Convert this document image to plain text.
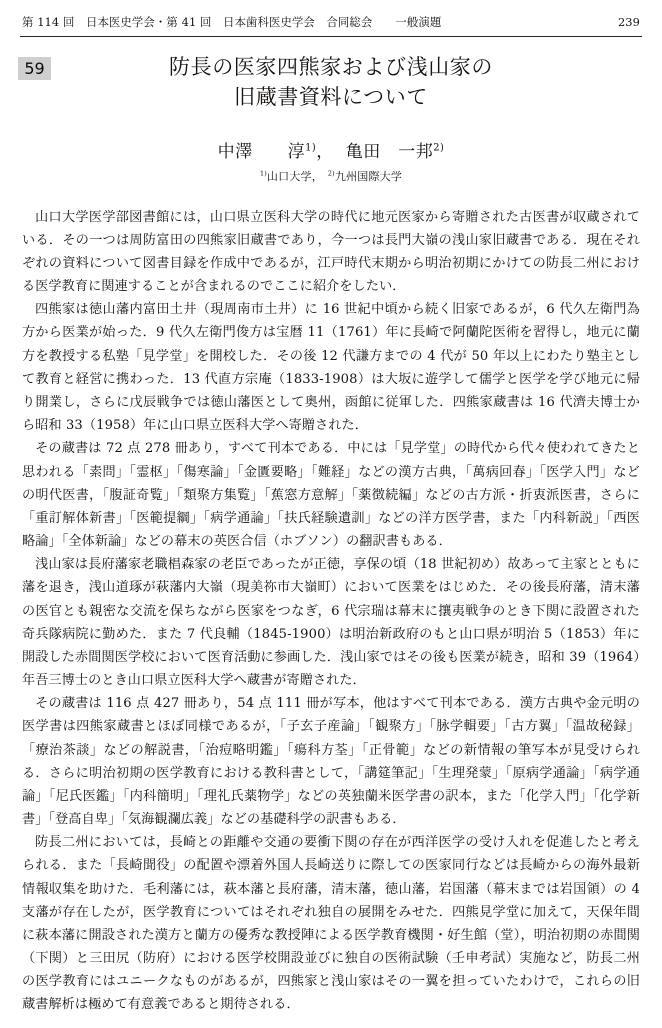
第 114 回　日本医史学会・第 41 回　日本歯科医史学会　合同総会　　一般演題	239
59	防長の医家四熊家および浅山家の
旧蔵書資料について
中澤　　淳$^{1)}$， 亀田　一邦$^{2)}$
$^{1)}$山口大学， $^{2)}$九州国際大学

山口大学医学部図書館には，山口県立医科大学の時代に地元医家から寄贈された古医書が収蔵されている．その一つは周防富田の四熊家旧蔵書であり，今一つは長門大嶺の浅山家旧蔵書である．現在それぞれの資料について図書目録を作成中であるが，江戸時代末期から明治初期にかけての防長二州における医学教育に関連することが含まれるのでここに紹介をしたい．

四熊家は徳山藩内富田土井（現周南市土井）に 16 世紀中頃から続く旧家であるが，6 代久左衛門為方から医業が始った．9 代久左衛門俊方は宝暦 11（1761）年に長崎で阿蘭陀医術を習得し，地元に蘭方を教授する私塾「見学堂」を開校した．その後 12 代謙方までの 4 代が 50 年以上にわたり塾主として教育と経営に携わった．13 代直方宗庵（1833-1908）は大坂に遊学して儒学と医学を学び地元に帰り開業し，さらに戊辰戦争では徳山藩医として奥州，函館に従軍した．四熊家蔵書は 16 代濟夫博士から昭和 33（1958）年に山口県立医科大学へ寄贈された．

その蔵書は 72 点 278 冊あり，すべて刊本である．中には「見学堂」の時代から代々使われてきたと思われる「素問」「霊枢」「傷寒論」「金匱要略」「難経」などの漢方古典，「萬病回春」「医学入門」などの明代医書，「腹証奇覧」「類聚方集覧」「蕉窓方意解」「薬徴続編」などの古方派・折衷派医書，さらに「重訂解体新書」「医範提綱」「病学通論」「扶氏経験遺訓」などの洋方医学書，また「内科新説」「西医略論」「全体新論」などの幕末の英医合信（ホブソン）の翻訳書もある．

浅山家は長府藩家老職椙森家の老臣であったが正徳，享保の頃（18 世紀初め）故あって主家とともに藩を退き，浅山道琢が萩藩内大嶺（現美祢市大嶺町）において医業をはじめた．その後長府藩，清末藩の医官とも親密な交流を保ちながら医家をつなぎ，6 代宗瑞は幕末に攘夷戦争のとき下関に設置された奇兵隊病院に勤めた．また 7 代良輔（1845-1900）は明治新政府のもと山口県が明治 5（1853）年に開設した赤間関医学校において医育活動に参画した．浅山家ではその後も医業が続き，昭和 39（1964）年吾三博士のとき山口県立医科大学へ蔵書が寄贈された．

その蔵書は 116 点 427 冊あり，54 点 111 冊が写本，他はすべて刊本である．漢方古典や金元明の医学書は四熊家蔵書とほぼ同様であるが，「子玄子産論」「観聚方」「脉学輯要」「古方翼」「温故秘録」「療治茶談」などの解説書，「治痘略明鑑」「瘍科方荃」「正骨範」などの新情報の筆写本が見受けられる．さらに明治初期の医学教育における教科書として，「講筵筆記」「生理発蒙」「原病学通論」「病学通論」「尼氏医鑑」「内科簡明」「理礼氏薬物学」などの英独蘭米医学書の訳本，また「化学入門」「化学新書」「登高自卑」「気海観瀾広義」などの基礎科学の訳書もある．

防長二州においては，長崎との距離や交通の要衝下関の存在が西洋医学の受け入れを促進したと考えられる．また「長崎聞役」の配置や漂着外国人長崎送りに際しての医家同行などは長崎からの海外最新情報収集を助けた．毛利藩には，萩本藩と長府藩，清末藩，徳山藩，岩国藩（幕末までは岩国領）の 4 支藩が存在したが，医学教育についてはそれぞれ独自の展開をみせた．四熊見学堂に加えて，天保年間に萩本藩に開設された漢方と蘭方の優秀な教授陣による医学教育機関・好生館（堂），明治初期の赤間関（下関）と三田尻（防府）における医学校開設並びに独自の医術試験（壬申考試）実施など，防長二州の医学教育にはユニークなものがあるが，四熊家と浅山家はその一翼を担っていたわけで，これらの旧蔵書解析は極めて有意義であると期待される．
